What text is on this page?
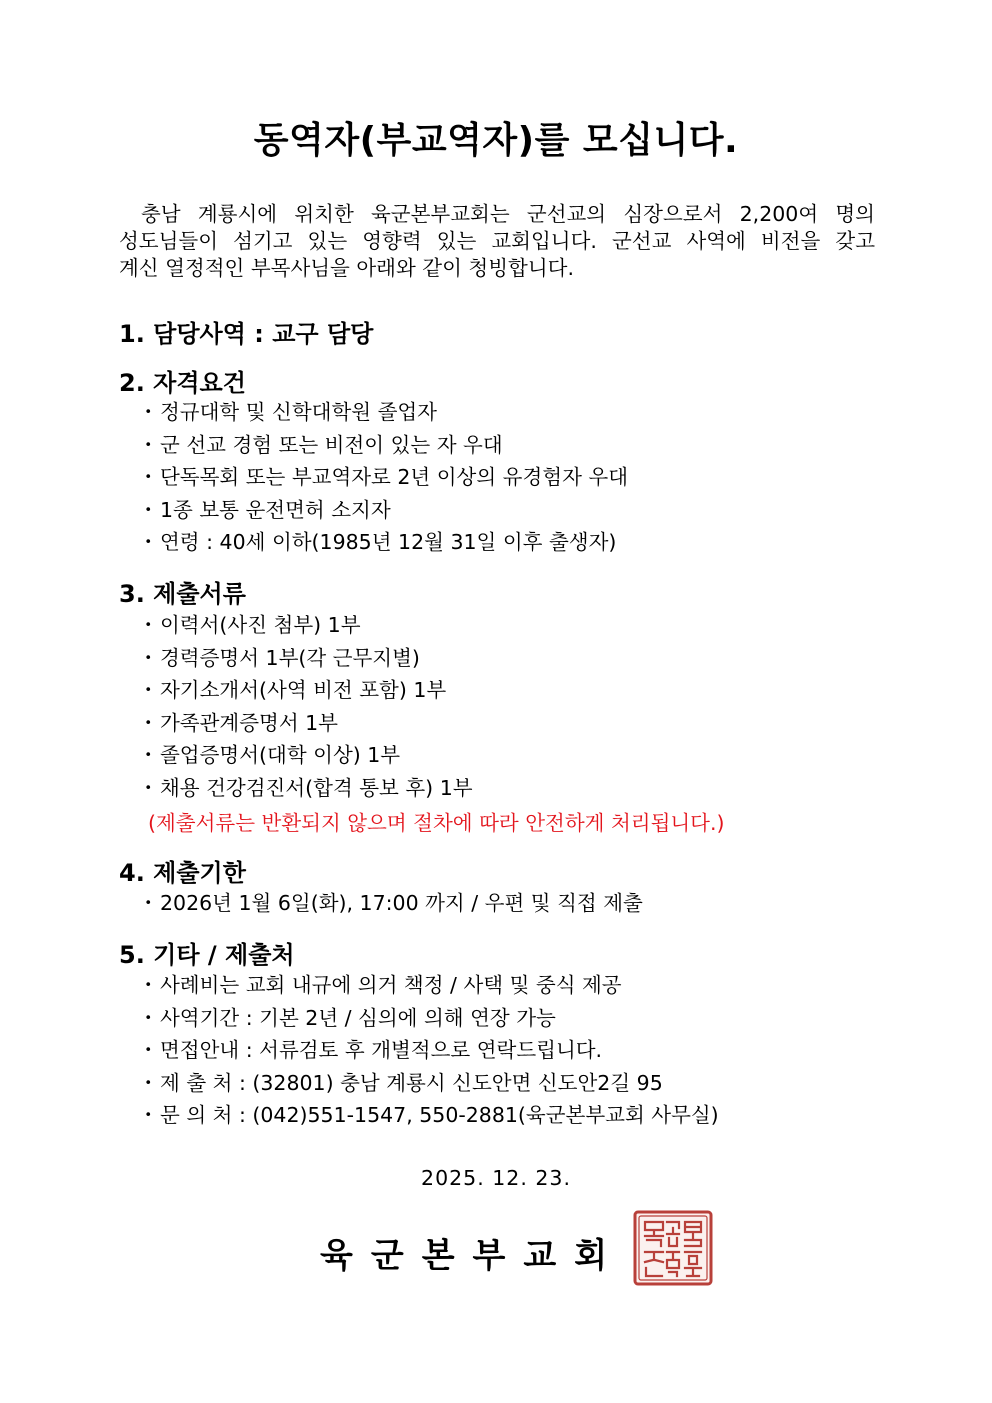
동역자(부교역자)를 모십니다.

충남 계룡시에 위치한 육군본부교회는 군선교의 심장으로서 2,200여 명의
성도님들이 섬기고 있는 영향력 있는 교회입니다. 군선교 사역에 비전을 갖고
계신 열정적인 부목사님을 아래와 같이 청빙합니다.

1. 담당사역 : 교구 담당
2. 자격요건
・정규대학 및 신학대학원 졸업자
・군 선교 경험 또는 비전이 있는 자 우대
・단독목회 또는 부교역자로 2년 이상의 유경험자 우대
・1종 보통 운전면허 소지자
・연령 : 40세 이하(1985년 12월 31일 이후 출생자)
3. 제출서류
・이력서(사진 첨부) 1부
・경력증명서 1부(각 근무지별)
・자기소개서(사역 비전 포함) 1부
・가족관계증명서 1부
・졸업증명서(대학 이상) 1부
・채용 건강검진서(합격 통보 후) 1부
(제출서류는 반환되지 않으며 절차에 따라 안전하게 처리됩니다.)
4. 제출기한
・2026년 1월 6일(화), 17:00 까지 / 우편 및 직접 제출
5. 기타 / 제출처
・사례비는 교회 내규에 의거 책정 / 사택 및 중식 제공
・사역기간 : 기본 2년 / 심의에 의해 연장 가능
・면접안내 : 서류검토 후 개별적으로 연락드립니다.
・제 출 처 : (32801) 충남 계룡시 신도안면 신도안2길 95
・문 의 처 : (042)551-1547, 550-2881(육군본부교회 사무실)
2025. 12. 23.
육군본부교회
